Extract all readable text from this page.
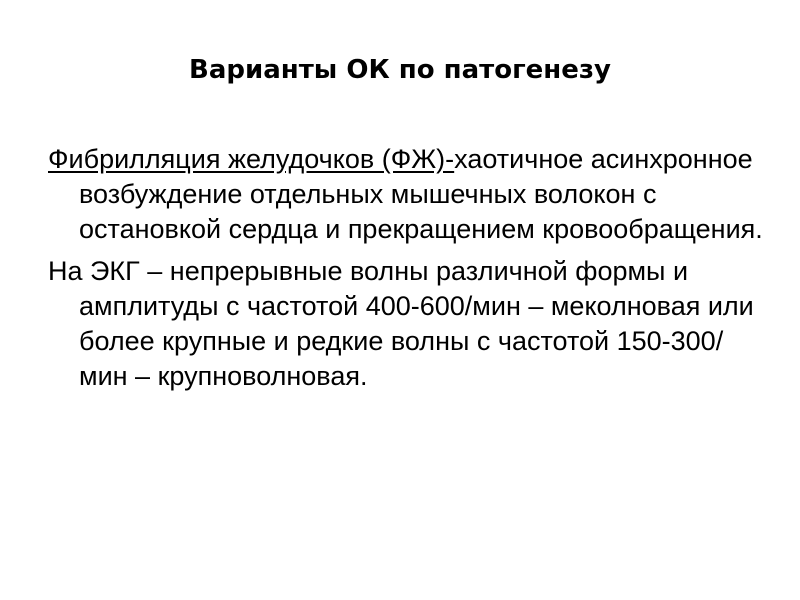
Варианты ОК по патогенезу

Фибрилляция желудочков (ФЖ)-хаотичное асинхронное возбуждение отдельных мышечных волокон с остановкой сердца и прекращением кровообращения.

На ЭКГ – непрерывные волны различной формы и амплитуды с частотой 400-600/мин – меколновая или более крупные и редкие волны с частотой 150-300/мин – крупноволновая.
